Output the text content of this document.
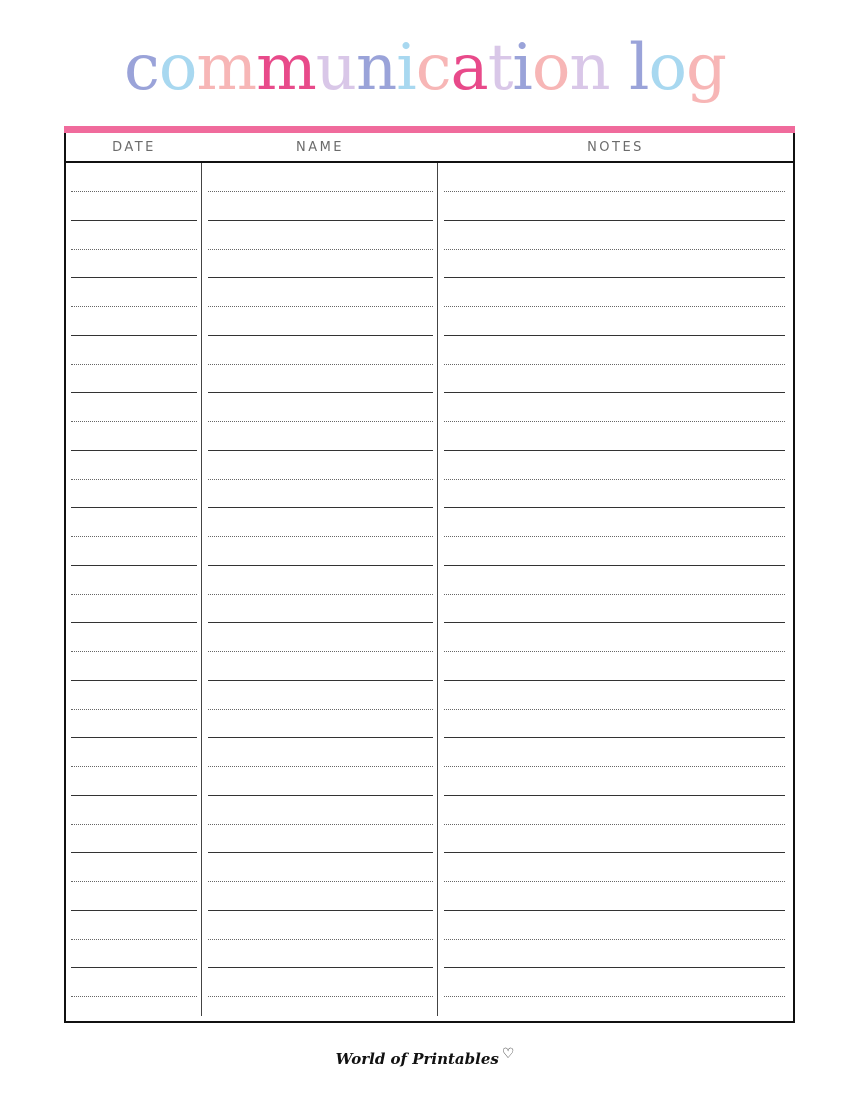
communication log
DATE	NAME	NOTES
World of Printables ♡
